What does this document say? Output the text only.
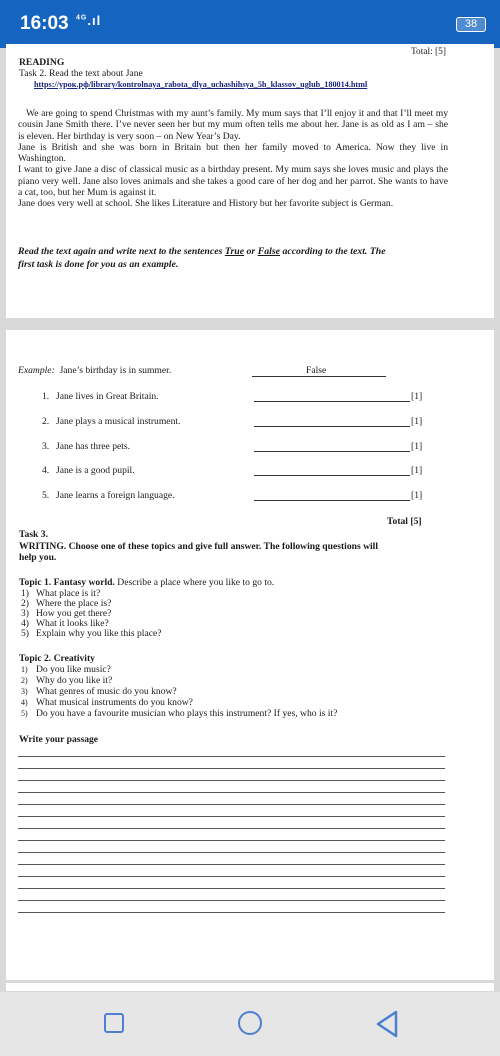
16:03 $^{4G}$.ıl	38
Total: [5]
READING
Task 2. Read the text about Jane
https://урок.рф/library/kontrolnaya_rabota_dlya_uchashihsya_5h_klassov_uglub_180014.html

We are going to spend Christmas with my aunt’s family. My mum says that I’ll enjoy it and that I’ll meet my cousin Jane Smith there. I’ve never seen her but my mum often tells me about her. Jane is as old as I am – she is eleven. Her birthday is very soon – on New Year’s Day.

Jane is British and she was born in Britain but then her family moved to America. Now they live in Washington.

I want to give Jane a disc of classical music as a birthday present. My mum says she loves music and plays the piano very well. Jane also loves animals and she takes a good care of her dog and her parrot. She wants to have a cat, too, but her Mum is against it.

Jane does very well at school. She likes Literature and History but her favorite subject is German.

Read the text again and write next to the sentences True or False according to the text. The
first task is done for you as an example.
Example: Jane’s birthday is in summer.	False
1. Jane lives in Great Britain.	[1]
2. Jane plays a musical instrument.	[1]
3. Jane has three pets.	[1]
4. Jane is a good pupil.	[1]
5. Jane learns a foreign language.	[1]
Total [5]
Task 3.
WRITING. Choose one of these topics and give full answer. The following questions will
help you.
Topic 1. Fantasy world. Describe a place where you like to go to.
1) What place is it?
2) Where the place is?
3) How you get there?
4) What it looks like?
5) Explain why you like this place?
Topic 2. Creativity
1) Do you like music?
2) Why do you like it?
3) What genres of music do you know?
4) What musical instruments do you know?
5) Do you have a favourite musician who plays this instrument? If yes, who is it?
Write your passage
